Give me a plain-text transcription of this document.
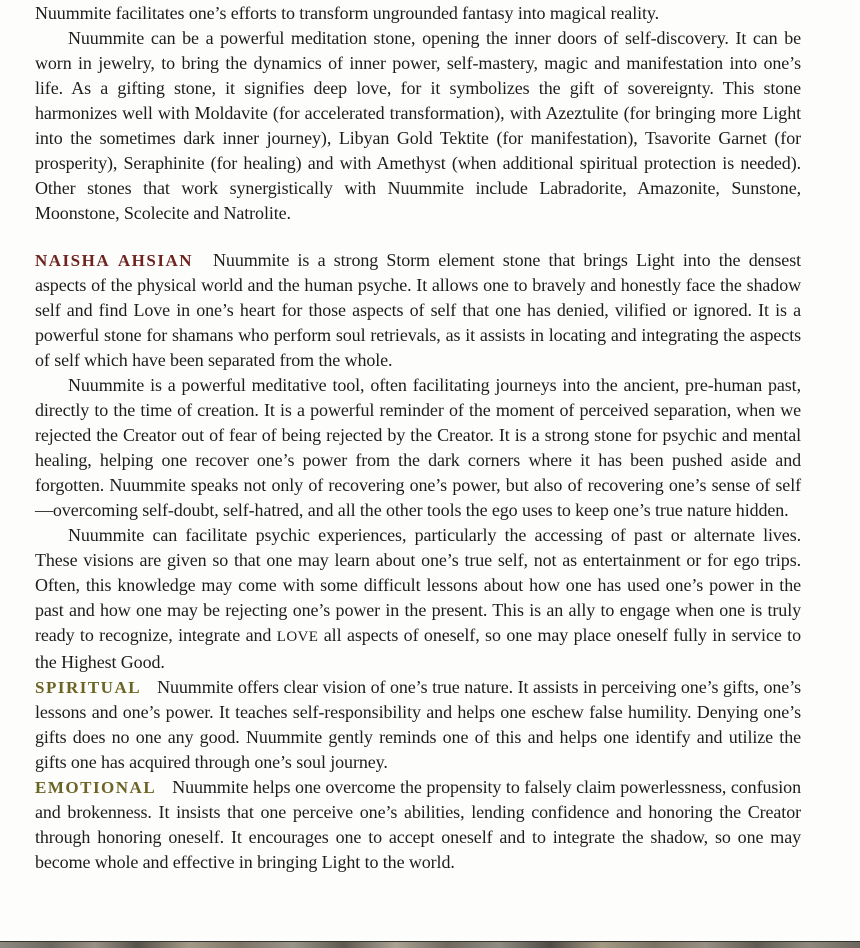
Nuummite facilitates one’s efforts to transform ungrounded fantasy into magical reality.

Nuummite can be a powerful meditation stone, opening the inner doors of self-discovery. It can be worn in jewelry, to bring the dynamics of inner power, self-mastery, magic and manifestation into one’s life. As a gifting stone, it signifies deep love, for it symbolizes the gift of sovereignty. This stone harmonizes well with Moldavite (for accelerated transformation), with Azeztulite (for bringing more Light into the sometimes dark inner journey), Libyan Gold Tektite (for manifestation), Tsavorite Garnet (for prosperity), Seraphinite (for healing) and with Amethyst (when additional spiritual protection is needed). Other stones that work synergistically with Nuummite include Labradorite, Amazonite, Sunstone, Moonstone, Scolecite and Natrolite.

NAISHA AHSIAN Nuummite is a strong Storm element stone that brings Light into the densest aspects of the physical world and the human psyche. It allows one to bravely and honestly face the shadow self and find Love in one’s heart for those aspects of self that one has denied, vilified or ignored. It is a powerful stone for shamans who perform soul retrievals, as it assists in locating and integrating the aspects of self which have been separated from the whole.

Nuummite is a powerful meditative tool, often facilitating journeys into the ancient, pre-human past, directly to the time of creation. It is a powerful reminder of the moment of perceived separation, when we rejected the Creator out of fear of being rejected by the Creator. It is a strong stone for psychic and mental healing, helping one recover one’s power from the dark corners where it has been pushed aside and forgotten. Nuummite speaks not only of recovering one’s power, but also of recovering one’s sense of self—overcoming self-doubt, self-hatred, and all the other tools the ego uses to keep one’s true nature hidden.

Nuummite can facilitate psychic experiences, particularly the accessing of past or alternate lives. These visions are given so that one may learn about one’s true self, not as entertainment or for ego trips. Often, this knowledge may come with some difficult lessons about how one has used one’s power in the past and how one may be rejecting one’s power in the present. This is an ally to engage when one is truly ready to recognize, integrate and LOVE all aspects of oneself, so one may place oneself fully in service to the Highest Good.

SPIRITUAL Nuummite offers clear vision of one’s true nature. It assists in perceiving one’s gifts, one’s lessons and one’s power. It teaches self-responsibility and helps one eschew false humility. Denying one’s gifts does no one any good. Nuummite gently reminds one of this and helps one identify and utilize the gifts one has acquired through one’s soul journey.

EMOTIONAL Nuummite helps one overcome the propensity to falsely claim powerlessness, confusion and brokenness. It insists that one perceive one’s abilities, lending confidence and honoring the Creator through honoring oneself. It encourages one to accept oneself and to integrate the shadow, so one may become whole and effective in bringing Light to the world.
